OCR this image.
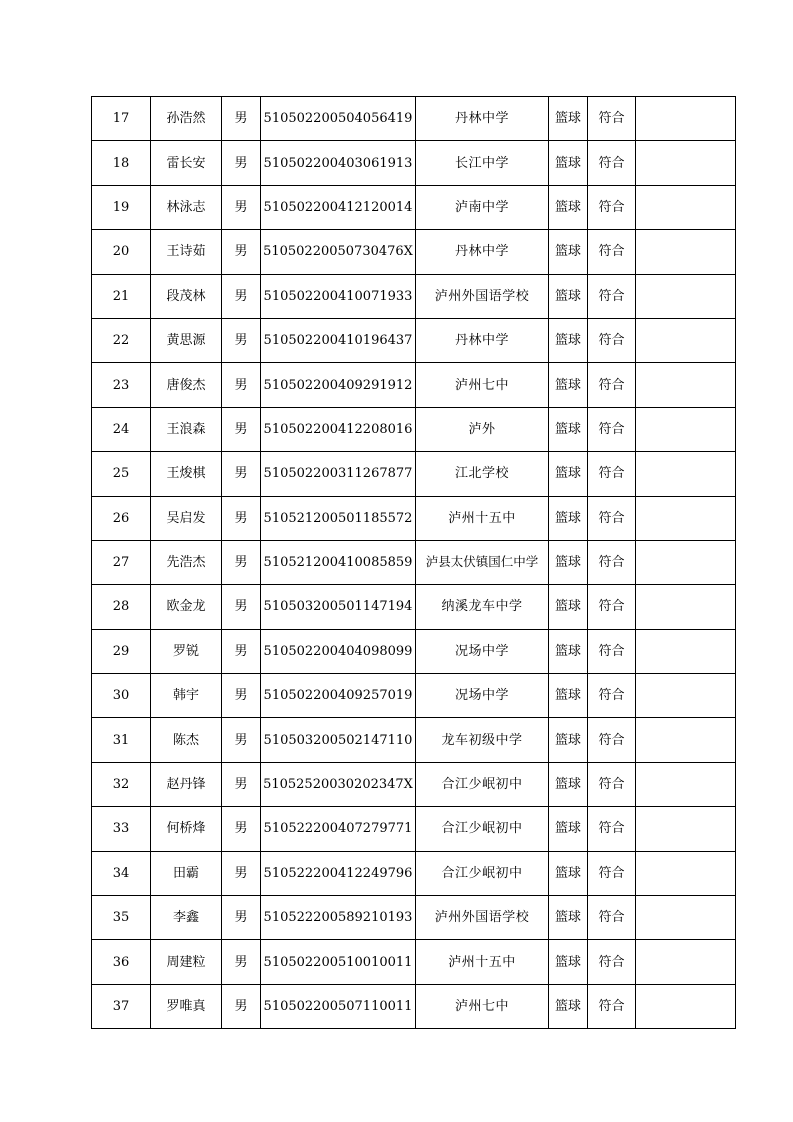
17	孙浩然	男	510502200504056419	丹林中学	篮球	符合	
18	雷长安	男	510502200403061913	长江中学	篮球	符合	
19	林泳志	男	510502200412120014	泸南中学	篮球	符合	
20	王诗茹	男	51050220050730476X	丹林中学	篮球	符合	
21	段茂林	男	510502200410071933	泸州外国语学校	篮球	符合	
22	黄思源	男	510502200410196437	丹林中学	篮球	符合	
23	唐俊杰	男	510502200409291912	泸州七中	篮球	符合	
24	王浪森	男	510502200412208016	泸外	篮球	符合	
25	王焌棋	男	510502200311267877	江北学校	篮球	符合	
26	吴启发	男	510521200501185572	泸州十五中	篮球	符合	
27	先浩杰	男	510521200410085859	泸县太伏镇国仁中学	篮球	符合	
28	欧金龙	男	510503200501147194	纳溪龙车中学	篮球	符合	
29	罗锐	男	510502200404098099	况场中学	篮球	符合	
30	韩宇	男	510502200409257019	况场中学	篮球	符合	
31	陈杰	男	510503200502147110	龙车初级中学	篮球	符合	
32	赵丹锋	男	51052520030202347X	合江少岷初中	篮球	符合	
33	何桥烽	男	510522200407279771	合江少岷初中	篮球	符合	
34	田霸	男	510522200412249796	合江少岷初中	篮球	符合	
35	李鑫	男	510522200589210193	泸州外国语学校	篮球	符合	
36	周建粒	男	510502200510010011	泸州十五中	篮球	符合	
37	罗唯真	男	510502200507110011	泸州七中	篮球	符合	
